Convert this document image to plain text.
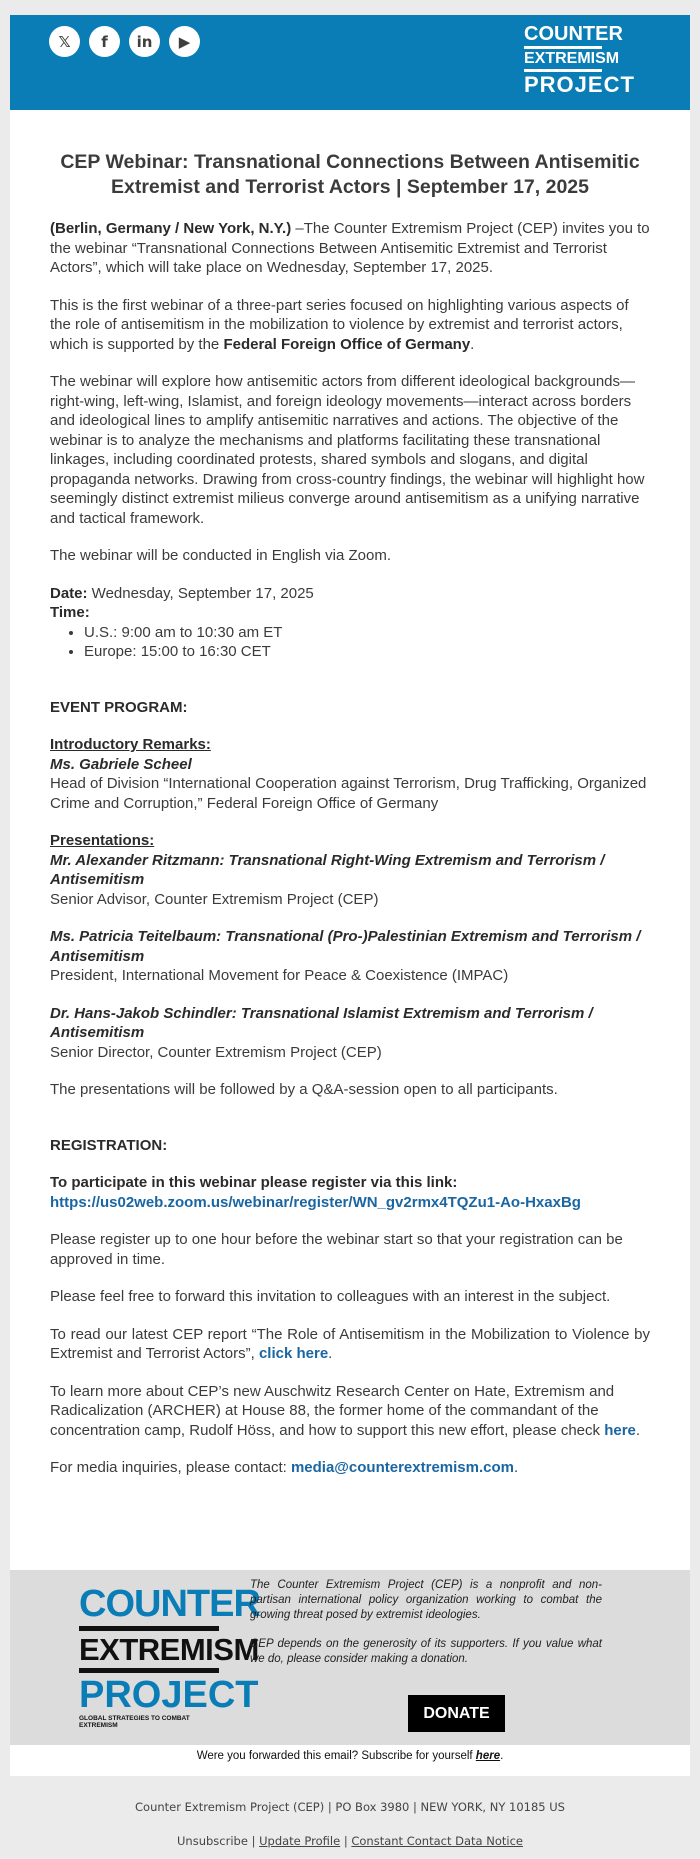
𝕏	f	in	▶	COUNTER
EXTREMISM
PROJECT
CEP Webinar: Transnational Connections Between Antisemitic Extremist and Terrorist Actors | September 17, 2025

(Berlin, Germany / New York, N.Y.) –The Counter Extremism Project (CEP) invites you to the webinar “Transnational Connections Between Antisemitic Extremist and Terrorist Actors”, which will take place on Wednesday, September 17, 2025.

This is the first webinar of a three-part series focused on highlighting various aspects of the role of antisemitism in the mobilization to violence by extremist and terrorist actors, which is supported by the Federal Foreign Office of Germany.

The webinar will explore how antisemitic actors from different ideological backgrounds—right-wing, left-wing, Islamist, and foreign ideology movements—interact across borders and ideological lines to amplify antisemitic narratives and actions. The objective of the webinar is to analyze the mechanisms and platforms facilitating these transnational linkages, including coordinated protests, shared symbols and slogans, and digital propaganda networks. Drawing from cross-country findings, the webinar will highlight how seemingly distinct extremist milieus converge around antisemitism as a unifying narrative and tactical framework.

The webinar will be conducted in English via Zoom.

Date: Wednesday, September 17, 2025
Time:
• U.S.: 9:00 am to 10:30 am ET
• Europe: 15:00 to 16:30 CET

EVENT PROGRAM:

Introductory Remarks:
Ms. Gabriele Scheel
Head of Division “International Cooperation against Terrorism, Drug Trafficking, Organized Crime and Corruption,” Federal Foreign Office of Germany
Presentations:
Mr. Alexander Ritzmann: Transnational Right-Wing Extremism and Terrorism / Antisemitism
Senior Advisor, Counter Extremism Project (CEP)
Ms. Patricia Teitelbaum: Transnational (Pro-)Palestinian Extremism and Terrorism / Antisemitism
President, International Movement for Peace & Coexistence (IMPAC)
Dr. Hans-Jakob Schindler: Transnational Islamist Extremism and Terrorism / Antisemitism
Senior Director, Counter Extremism Project (CEP)

The presentations will be followed by a Q&A-session open to all participants.

REGISTRATION:

To participate in this webinar please register via this link:
https://us02web.zoom.us/webinar/register/WN_gv2rmx4TQZu1-Ao-HxaxBg

Please register up to one hour before the webinar start so that your registration can be approved in time.

Please feel free to forward this invitation to colleagues with an interest in the subject.

To read our latest CEP report “The Role of Antisemitism in the Mobilization to Violence by Extremist and Terrorist Actors”, click here.

To learn more about CEP’s new Auschwitz Research Center on Hate, Extremism and Radicalization (ARCHER) at House 88, the former home of the commandant of the concentration camp, Rudolf Höss, and how to support this new effort, please check here.

For media inquiries, please contact: media@counterextremism.com.

COUNTER
EXTREMISM
PROJECT
GLOBAL STRATEGIES TO COMBAT EXTREMISM

The Counter Extremism Project (CEP) is a nonprofit and non-partisan international policy organization working to combat the growing threat posed by extremist ideologies.

CEP depends on the generosity of its supporters. If you value what we do, please consider making a donation.

DONATE
Were you forwarded this email? Subscribe for yourself here.
Counter Extremism Project (CEP) | PO Box 3980 | NEW YORK, NY 10185 US
Unsubscribe | Update Profile | Constant Contact Data Notice
